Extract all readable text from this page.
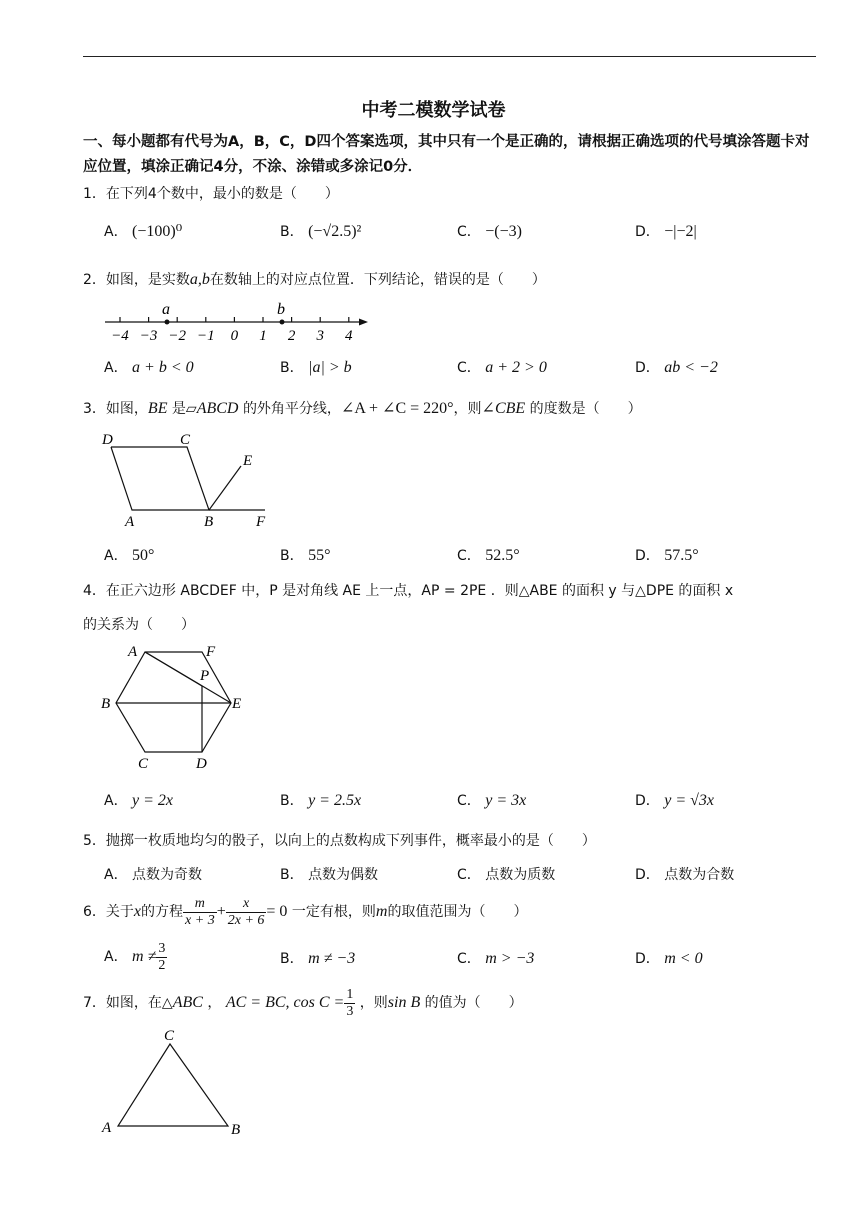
中考二模数学试卷
一、每小题都有代号为A，B，C，D四个答案选项，其中只有一个是正确的，请根据正确选项的代号填涂答题卡对应位置，填涂正确记4分，不涂、涂错或多涂记0分．
1．在下列4个数中，最小的数是（　　）
A． (−100)⁰	B． (−√2.5)²	C． −(−3)	D． −|−2|
2．如图，是实数a,b在数轴上的对应点位置．下列结论，错误的是（　　）
−4 −3 −2 −1 0 1 2 3 4
a	b
A． a + b < 0	B． |a| > b	C． a + 2 > 0	D． ab < −2
3．如图，BE 是▱ABCD 的外角平分线，∠A + ∠C = 220°，则∠CBE 的度数是（　　）
D	C
E
A	B	F
A． 50°	B． 55°	C． 52.5°	D． 57.5°
4．在正六边形 ABCDEF 中，P 是对角线 AE 上一点，AP = 2PE ．则△ABE 的面积 y 与△DPE 的面积 x
的关系为（　　）
A	F
P
B	E
C	D
A． y = 2x	B． y = 2.5x	C． y = 3x	D． y = √3x
5．抛掷一枚质地均匀的骰子，以向上的点数构成下列事件，概率最小的是（　　）
A． 点数为奇数	B． 点数为偶数	C． 点数为质数	D． 点数为合数
6．关于x的方程 $\frac{m}{x + 3} + \frac{x}{2x + 6} = 0$ 一定有根，则m的取值范围为（　　）
A． $m \ne \frac{3}{2}$	B． m ≠ −3	C． m > −3	D． m < 0
7．如图，在△ABC ， AC = BC, $\cos C = \frac{1}{3}$ ，则sin B 的值为（　　）
C
A	B
